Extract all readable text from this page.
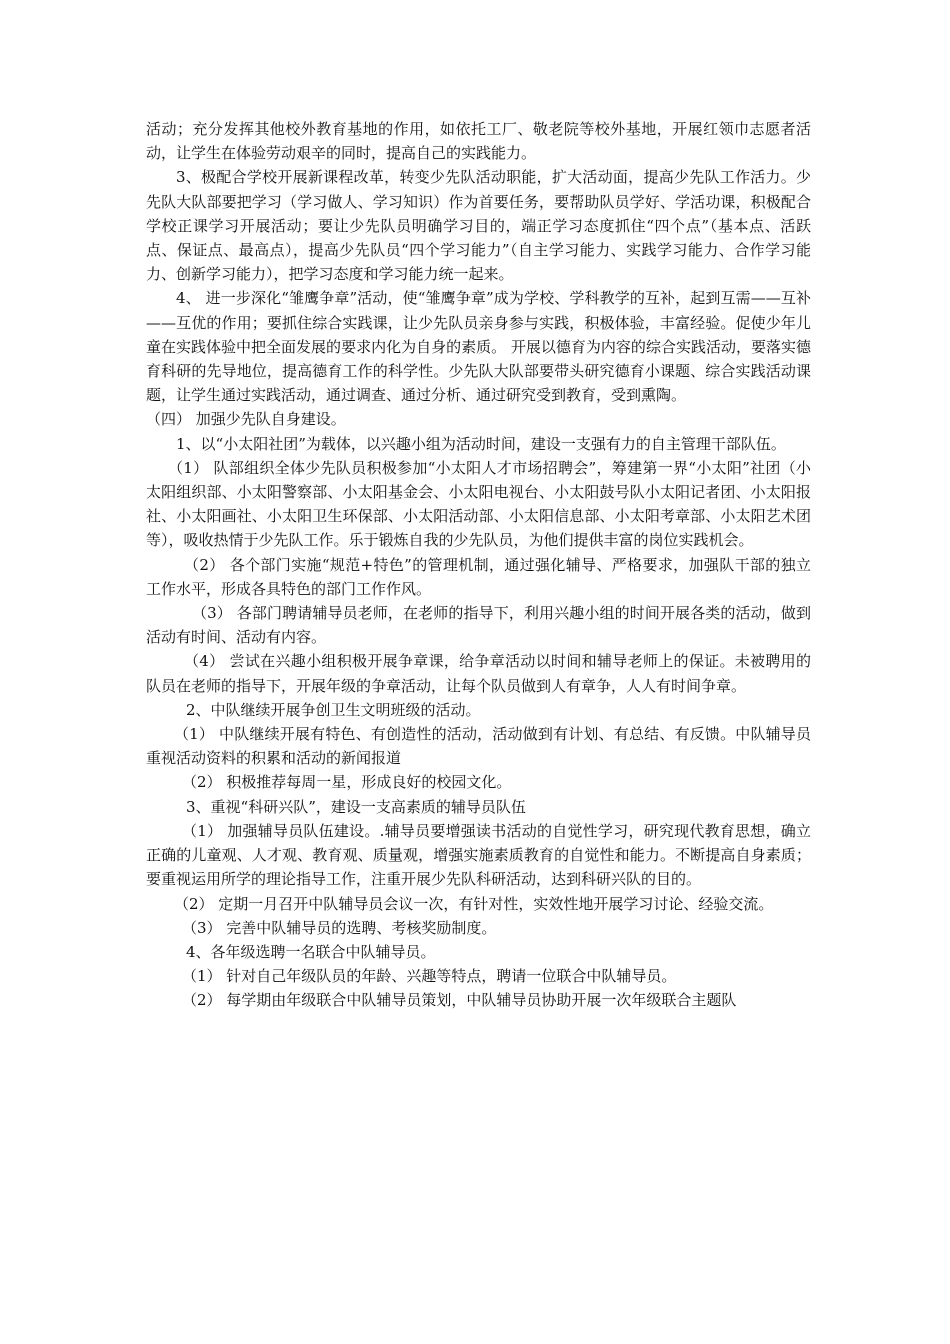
活动；充分发挥其他校外教育基地的作用，如依托工厂、敬老院等校外基地，开展红领巾志愿者活动，让学生在体验劳动艰辛的同时，提高自己的实践能力。

3、极配合学校开展新课程改革，转变少先队活动职能，扩大活动面，提高少先队工作活力。少先队大队部要把学习（学习做人、学习知识）作为首要任务，要帮助队员学好、学活功课，积极配合学校正课学习开展活动；要让少先队员明确学习目的，端正学习态度抓住“四个点”（基本点、活跃点、保证点、最高点），提高少先队员“四个学习能力”（自主学习能力、实践学习能力、合作学习能力、创新学习能力），把学习态度和学习能力统一起来。

4、 进一步深化“雏鹰争章”活动，使“雏鹰争章”成为学校、学科教学的互补，起到互需——互补——互优的作用；要抓住综合实践课，让少先队员亲身参与实践，积极体验，丰富经验。促使少年儿童在实践体验中把全面发展的要求内化为自身的素质。 开展以德育为内容的综合实践活动，要落实德育科研的先导地位，提高德育工作的科学性。少先队大队部要带头研究德育小课题、综合实践活动课题，让学生通过实践活动，通过调查、通过分析、通过研究受到教育，受到熏陶。

（四） 加强少先队自身建设。

1、以“小太阳社团”为载体，以兴趣小组为活动时间，建设一支强有力的自主管理干部队伍。

（1） 队部组织全体少先队员积极参加“小太阳人才市场招聘会”，筹建第一界“小太阳”社团（小太阳组织部、小太阳警察部、小太阳基金会、小太阳电视台、小太阳鼓号队小太阳记者团、小太阳报社、小太阳画社、小太阳卫生环保部、小太阳活动部、小太阳信息部、小太阳考章部、小太阳艺术团等），吸收热情于少先队工作。乐于锻炼自我的少先队员，为他们提供丰富的岗位实践机会。

（2） 各个部门实施“规范+特色”的管理机制，通过强化辅导、严格要求，加强队干部的独立工作水平，形成各具特色的部门工作作风。

（3） 各部门聘请辅导员老师，在老师的指导下，利用兴趣小组的时间开展各类的活动，做到活动有时间、活动有内容。

（4） 尝试在兴趣小组积极开展争章课，给争章活动以时间和辅导老师上的保证。未被聘用的队员在老师的指导下，开展年级的争章活动，让每个队员做到人有章争，人人有时间争章。

2、中队继续开展争创卫生文明班级的活动。

（1） 中队继续开展有特色、有创造性的活动，活动做到有计划、有总结、有反馈。中队辅导员重视活动资料的积累和活动的新闻报道

（2） 积极推荐每周一星，形成良好的校园文化。

3、重视“科研兴队”，建设一支高素质的辅导员队伍

（1） 加强辅导员队伍建设。.辅导员要增强读书活动的自觉性学习，研究现代教育思想，确立正确的儿童观、人才观、教育观、质量观，增强实施素质教育的自觉性和能力。不断提高自身素质；要重视运用所学的理论指导工作，注重开展少先队科研活动，达到科研兴队的目的。

（2） 定期一月召开中队辅导员会议一次，有针对性，实效性地开展学习讨论、经验交流。

（3） 完善中队辅导员的选聘、考核奖励制度。

4、各年级选聘一名联合中队辅导员。

（1） 针对自己年级队员的年龄、兴趣等特点，聘请一位联合中队辅导员。

（2） 每学期由年级联合中队辅导员策划，中队辅导员协助开展一次年级联合主题队
